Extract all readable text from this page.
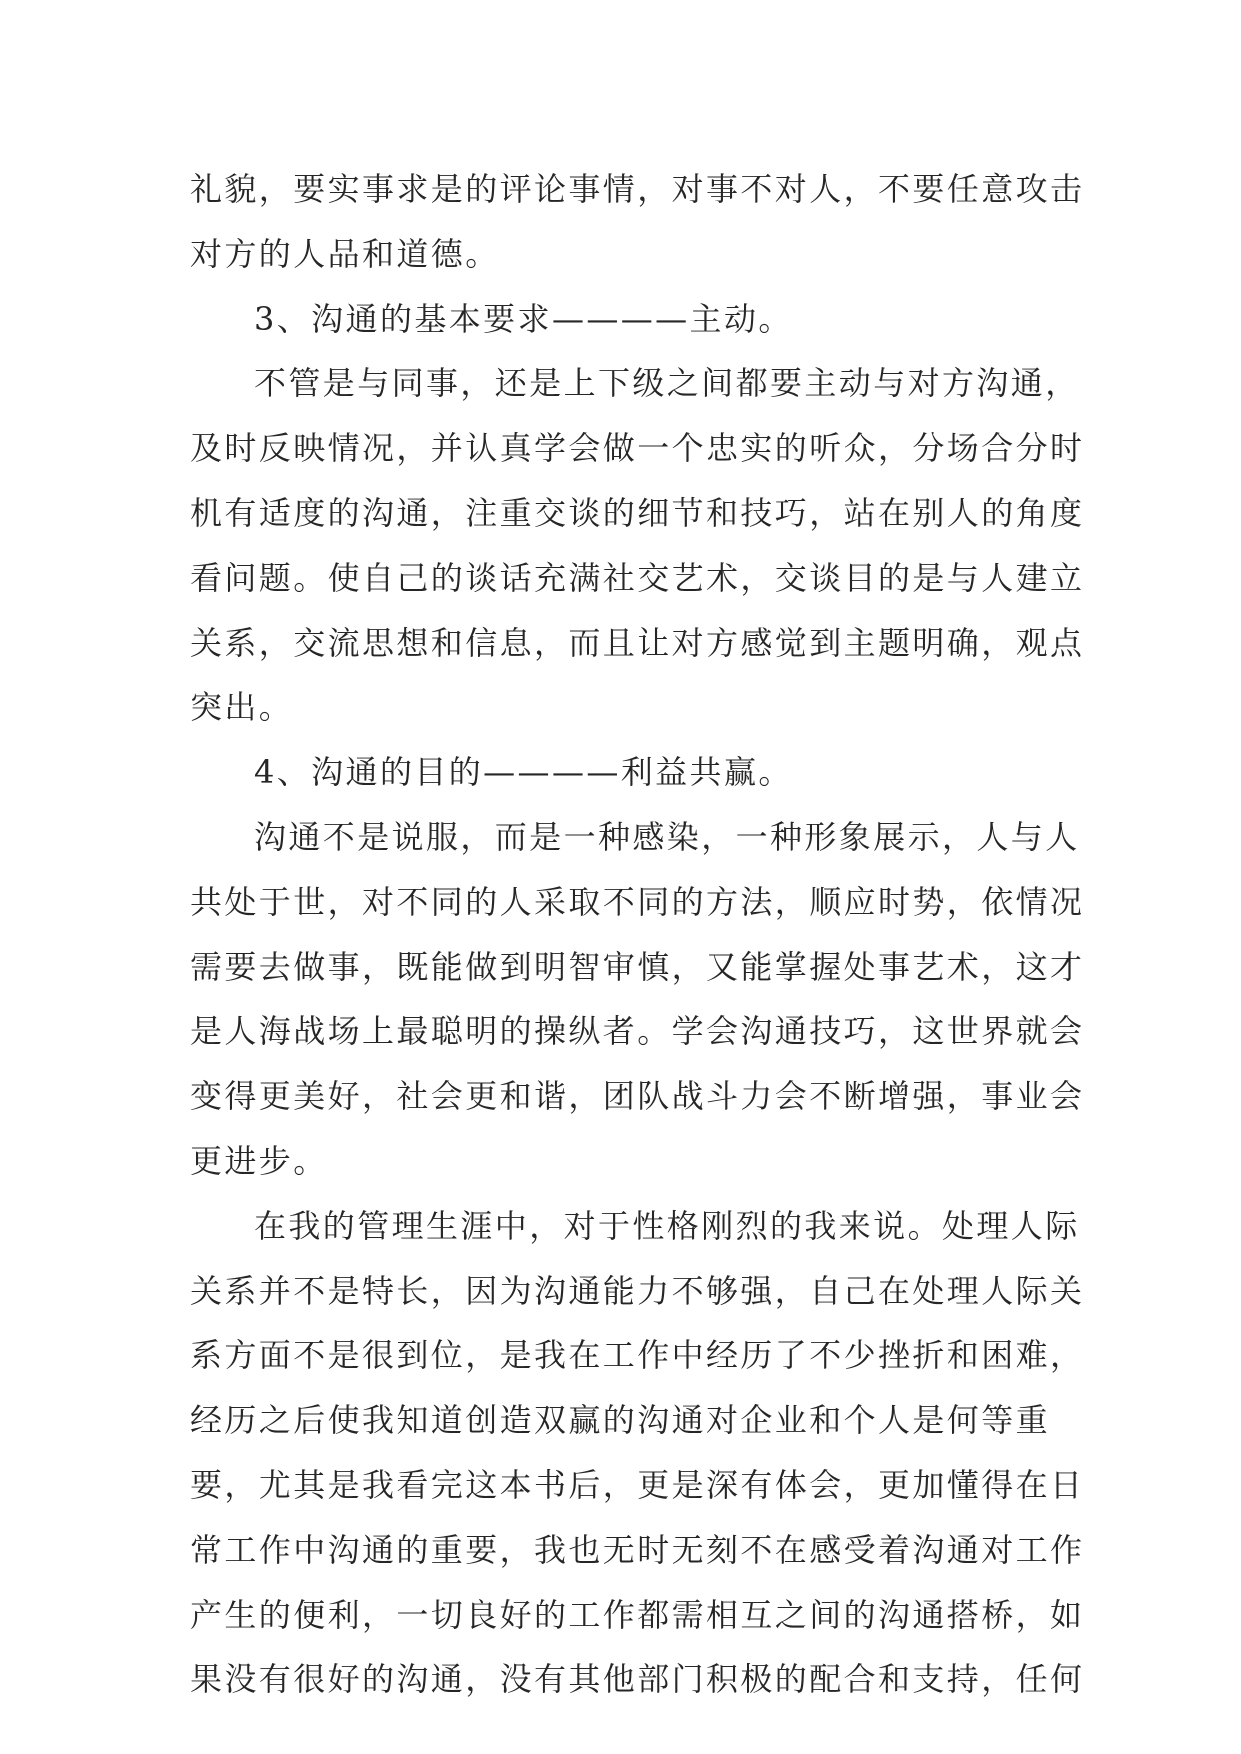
礼貌，要实事求是的评论事情，对事不对人，不要任意攻击
对方的人品和道德。
3、沟通的基本要求————主动。
不管是与同事，还是上下级之间都要主动与对方沟通，
及时反映情况，并认真学会做一个忠实的听众，分场合分时
机有适度的沟通，注重交谈的细节和技巧，站在别人的角度
看问题。使自己的谈话充满社交艺术，交谈目的是与人建立
关系，交流思想和信息，而且让对方感觉到主题明确，观点
突出。
4、沟通的目的————利益共赢。
沟通不是说服，而是一种感染，一种形象展示，人与人
共处于世，对不同的人采取不同的方法，顺应时势，依情况
需要去做事，既能做到明智审慎，又能掌握处事艺术，这才
是人海战场上最聪明的操纵者。学会沟通技巧，这世界就会
变得更美好，社会更和谐，团队战斗力会不断增强，事业会
更进步。
在我的管理生涯中，对于性格刚烈的我来说。处理人际
关系并不是特长，因为沟通能力不够强，自己在处理人际关
系方面不是很到位，是我在工作中经历了不少挫折和困难，
经历之后使我知道创造双赢的沟通对企业和个人是何等重
要，尤其是我看完这本书后，更是深有体会，更加懂得在日
常工作中沟通的重要，我也无时无刻不在感受着沟通对工作
产生的便利，一切良好的工作都需相互之间的沟通搭桥，如
果没有很好的沟通，没有其他部门积极的配合和支持，任何
